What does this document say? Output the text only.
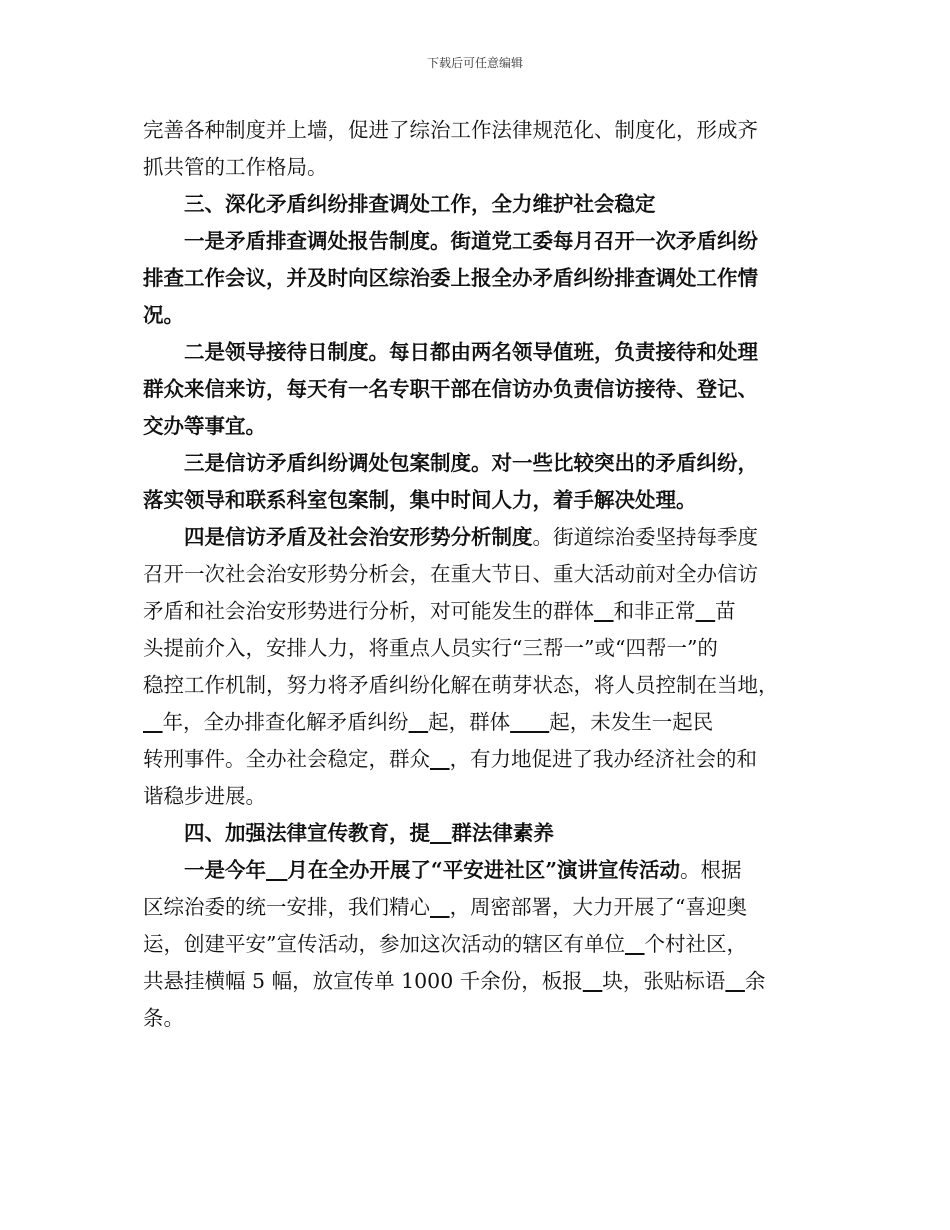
下载后可任意编辑
完善各种制度并上墙，促进了综治工作法律规范化、制度化，形成齐
抓共管的工作格局。
三、深化矛盾纠纷排查调处工作，全力维护社会稳定
一是矛盾排查调处报告制度。街道党工委每月召开一次矛盾纠纷
排查工作会议，并及时向区综治委上报全办矛盾纠纷排查调处工作情
况。
二是领导接待日制度。每日都由两名领导值班，负责接待和处理
群众来信来访，每天有一名专职干部在信访办负责信访接待、登记、
交办等事宜。
三是信访矛盾纠纷调处包案制度。对一些比较突出的矛盾纠纷，
落实领导和联系科室包案制，集中时间人力，着手解决处理。
四是信访矛盾及社会治安形势分析制度。街道综治委坚持每季度
召开一次社会治安形势分析会，在重大节日、重大活动前对全办信访
矛盾和社会治安形势进行分析，对可能发生的群体 和非正常 苗
头提前介入，安排人力，将重点人员实行“三帮一”或“四帮一”的
稳控工作机制，努力将矛盾纠纷化解在萌芽状态，将人员控制在当地，
年，全办排查化解矛盾纠纷 起，群体 起，未发生一起民
转刑事件。全办社会稳定，群众 ，有力地促进了我办经济社会的和
谐稳步进展。
四、加强法律宣传教育，提 群法律素养
一是今年 月在全办开展了“平安进社区”演讲宣传活动。根据
区综治委的统一安排，我们精心 ，周密部署，大力开展了“喜迎奥
运，创建平安”宣传活动，参加这次活动的辖区有单位 个村社区，
共悬挂横幅 5 幅，放宣传单 1000 千余份，板报 块，张贴标语 余
条。
